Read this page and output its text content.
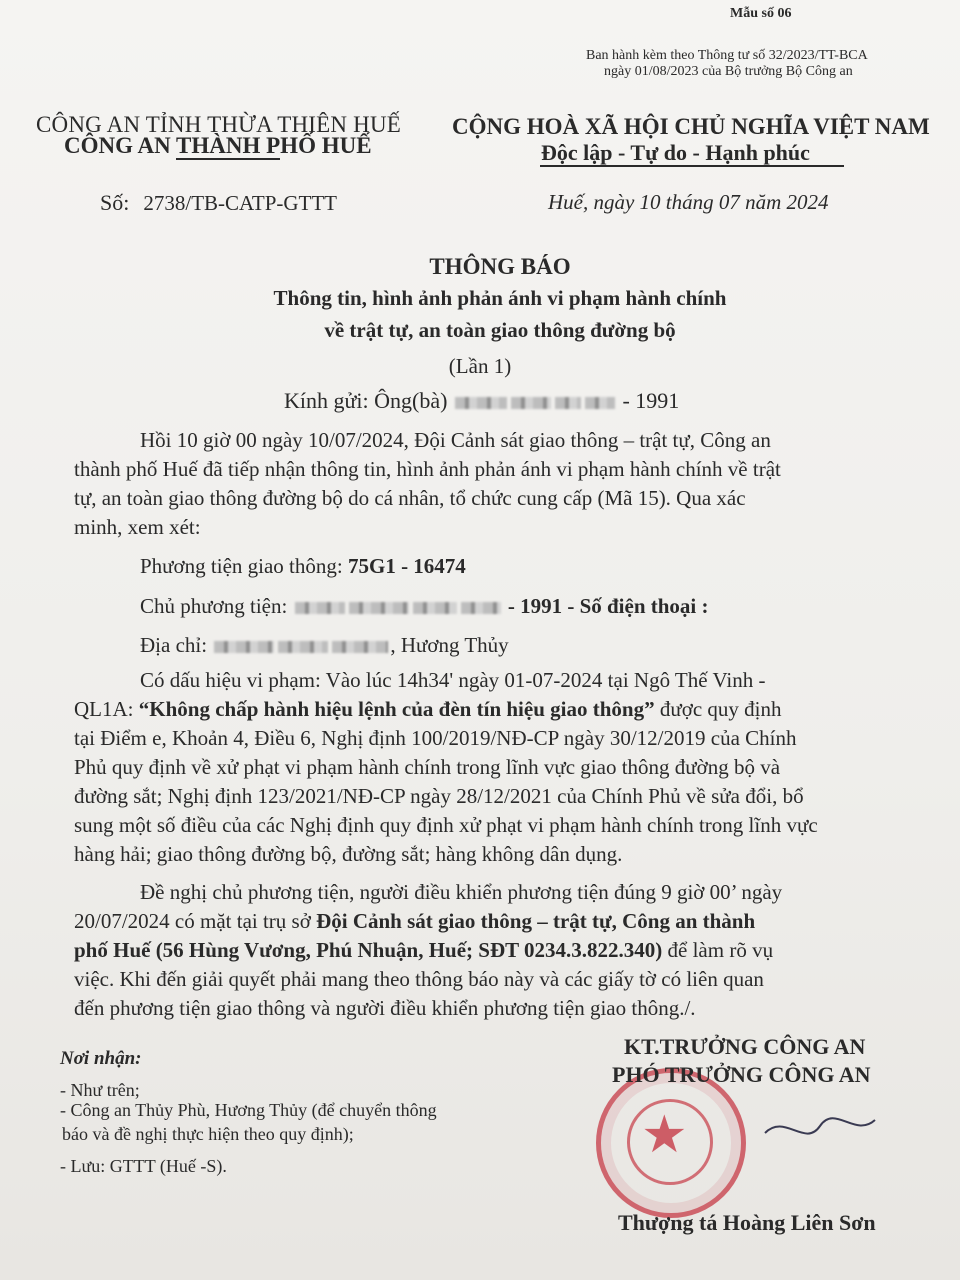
Mẫu số 06
Ban hành kèm theo Thông tư số 32/2023/TT-BCA
ngày 01/08/2023 của Bộ trưởng Bộ Công an
CÔNG AN TỈNH THỪA THIÊN HUẾ
CÔNG AN THÀNH PHỐ HUẾ
CỘNG HOÀ XÃ HỘI CHỦ NGHĨA VIỆT NAM
Độc lập - Tự do - Hạnh phúc
Số: 2738/TB-CATP-GTTT	Huế, ngày 10 tháng 07 năm 2024
THÔNG BÁO
Thông tin, hình ảnh phản ánh vi phạm hành chính
về trật tự, an toàn giao thông đường bộ
(Lần 1)
Kính gửi: Ông(bà)	- 1991
Hồi 10 giờ 00 ngày 10/07/2024, Đội Cảnh sát giao thông – trật tự, Công an
thành phố Huế đã tiếp nhận thông tin, hình ảnh phản ánh vi phạm hành chính về trật
tự, an toàn giao thông đường bộ do cá nhân, tổ chức cung cấp (Mã 15). Qua xác
minh, xem xét:
Phương tiện giao thông: 75G1 - 16474
Chủ phương tiện:	- 1991 - Số điện thoại :
Địa chỉ:	, Hương Thủy
Có dấu hiệu vi phạm: Vào lúc 14h34' ngày 01-07-2024 tại Ngô Thế Vinh -
QL1A: “Không chấp hành hiệu lệnh của đèn tín hiệu giao thông” được quy định
tại Điểm e, Khoản 4, Điều 6, Nghị định 100/2019/NĐ-CP ngày 30/12/2019 của Chính
Phủ quy định về xử phạt vi phạm hành chính trong lĩnh vực giao thông đường bộ và
đường sắt; Nghị định 123/2021/NĐ-CP ngày 28/12/2021 của Chính Phủ về sửa đổi, bổ
sung một số điều của các Nghị định quy định xử phạt vi phạm hành chính trong lĩnh vực
hàng hải; giao thông đường bộ, đường sắt; hàng không dân dụng.
Đề nghị chủ phương tiện, người điều khiển phương tiện đúng 9 giờ 00’ ngày
20/07/2024 có mặt tại trụ sở Đội Cảnh sát giao thông – trật tự, Công an thành
phố Huế (56 Hùng Vương, Phú Nhuận, Huế; SĐT 0234.3.822.340) để làm rõ vụ
việc. Khi đến giải quyết phải mang theo thông báo này và các giấy tờ có liên quan
đến phương tiện giao thông và người điều khiển phương tiện giao thông./.
Nơi nhận:
- Như trên;
- Công an Thủy Phù, Hương Thủy (để chuyển thông
báo và đề nghị thực hiện theo quy định);
- Lưu: GTTT (Huế -S).
★
KT.TRƯỞNG CÔNG AN
PHÓ TRƯỞNG CÔNG AN
Thượng tá Hoàng Liên Sơn
